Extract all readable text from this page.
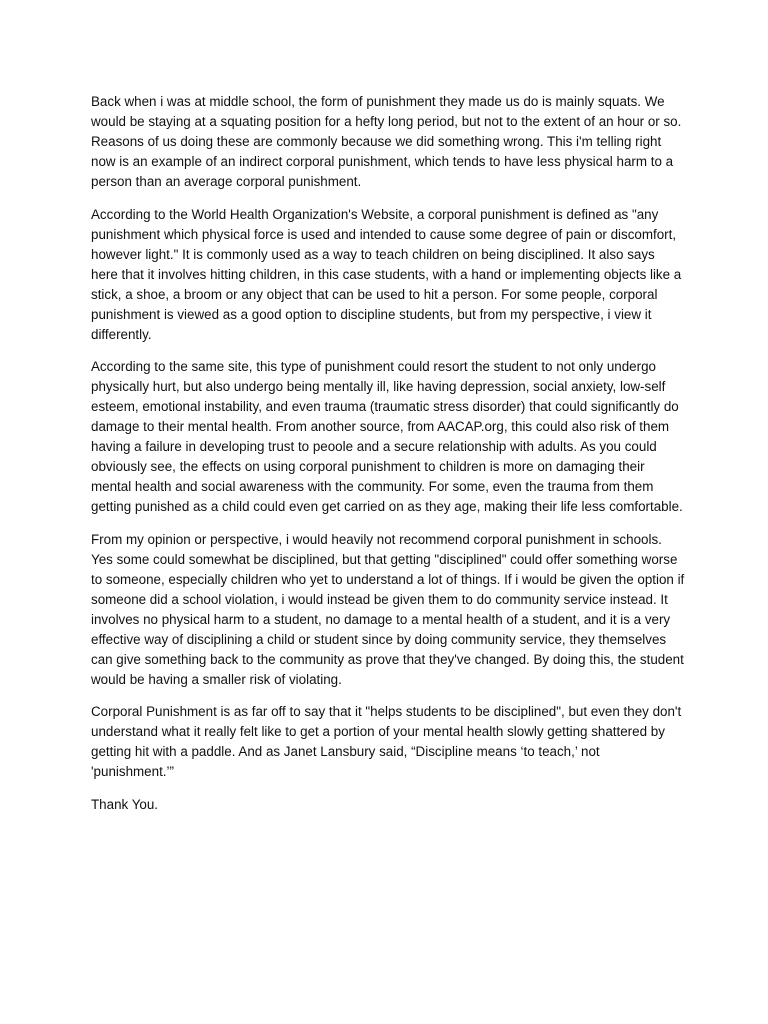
Back when i was at middle school, the form of punishment they made us do is mainly squats. We would be staying at a squating position for a hefty long period, but not to the extent of an hour or so. Reasons of us doing these are commonly because we did something wrong. This i'm telling right now is an example of an indirect corporal punishment, which tends to have less physical harm to a person than an average corporal punishment.

According to the World Health Organization's Website, a corporal punishment is defined as "any punishment which physical force is used and intended to cause some degree of pain or discomfort, however light." It is commonly used as a way to teach children on being disciplined. It also says here that it involves hitting children, in this case students, with a hand or implementing objects like a stick, a shoe, a broom or any object that can be used to hit a person. For some people, corporal punishment is viewed as a good option to discipline students, but from my perspective, i view it differently.

According to the same site, this type of punishment could resort the student to not only undergo physically hurt, but also undergo being mentally ill, like having depression, social anxiety, low-self esteem, emotional instability, and even trauma (traumatic stress disorder) that could significantly do damage to their mental health. From another source, from AACAP.org, this could also risk of them having a failure in developing trust to peoole and a secure relationship with adults. As you could obviously see, the effects on using corporal punishment to children is more on damaging their mental health and social awareness with the community. For some, even the trauma from them getting punished as a child could even get carried on as they age, making their life less comfortable.

From my opinion or perspective, i would heavily not recommend corporal punishment in schools. Yes some could somewhat be disciplined, but that getting "disciplined" could offer something worse to someone, especially children who yet to understand a lot of things. If i would be given the option if someone did a school violation, i would instead be given them to do community service instead. It involves no physical harm to a student, no damage to a mental health of a student, and it is a very effective way of disciplining a child or student since by doing community service, they themselves can give something back to the community as prove that they've changed. By doing this, the student would be having a smaller risk of violating.

Corporal Punishment is as far off to say that it "helps students to be disciplined", but even they don't understand what it really felt like to get a portion of your mental health slowly getting shattered by getting hit with a paddle. And as Janet Lansbury said, “Discipline means ‘to teach,’ not 'punishment.’”

Thank You.
